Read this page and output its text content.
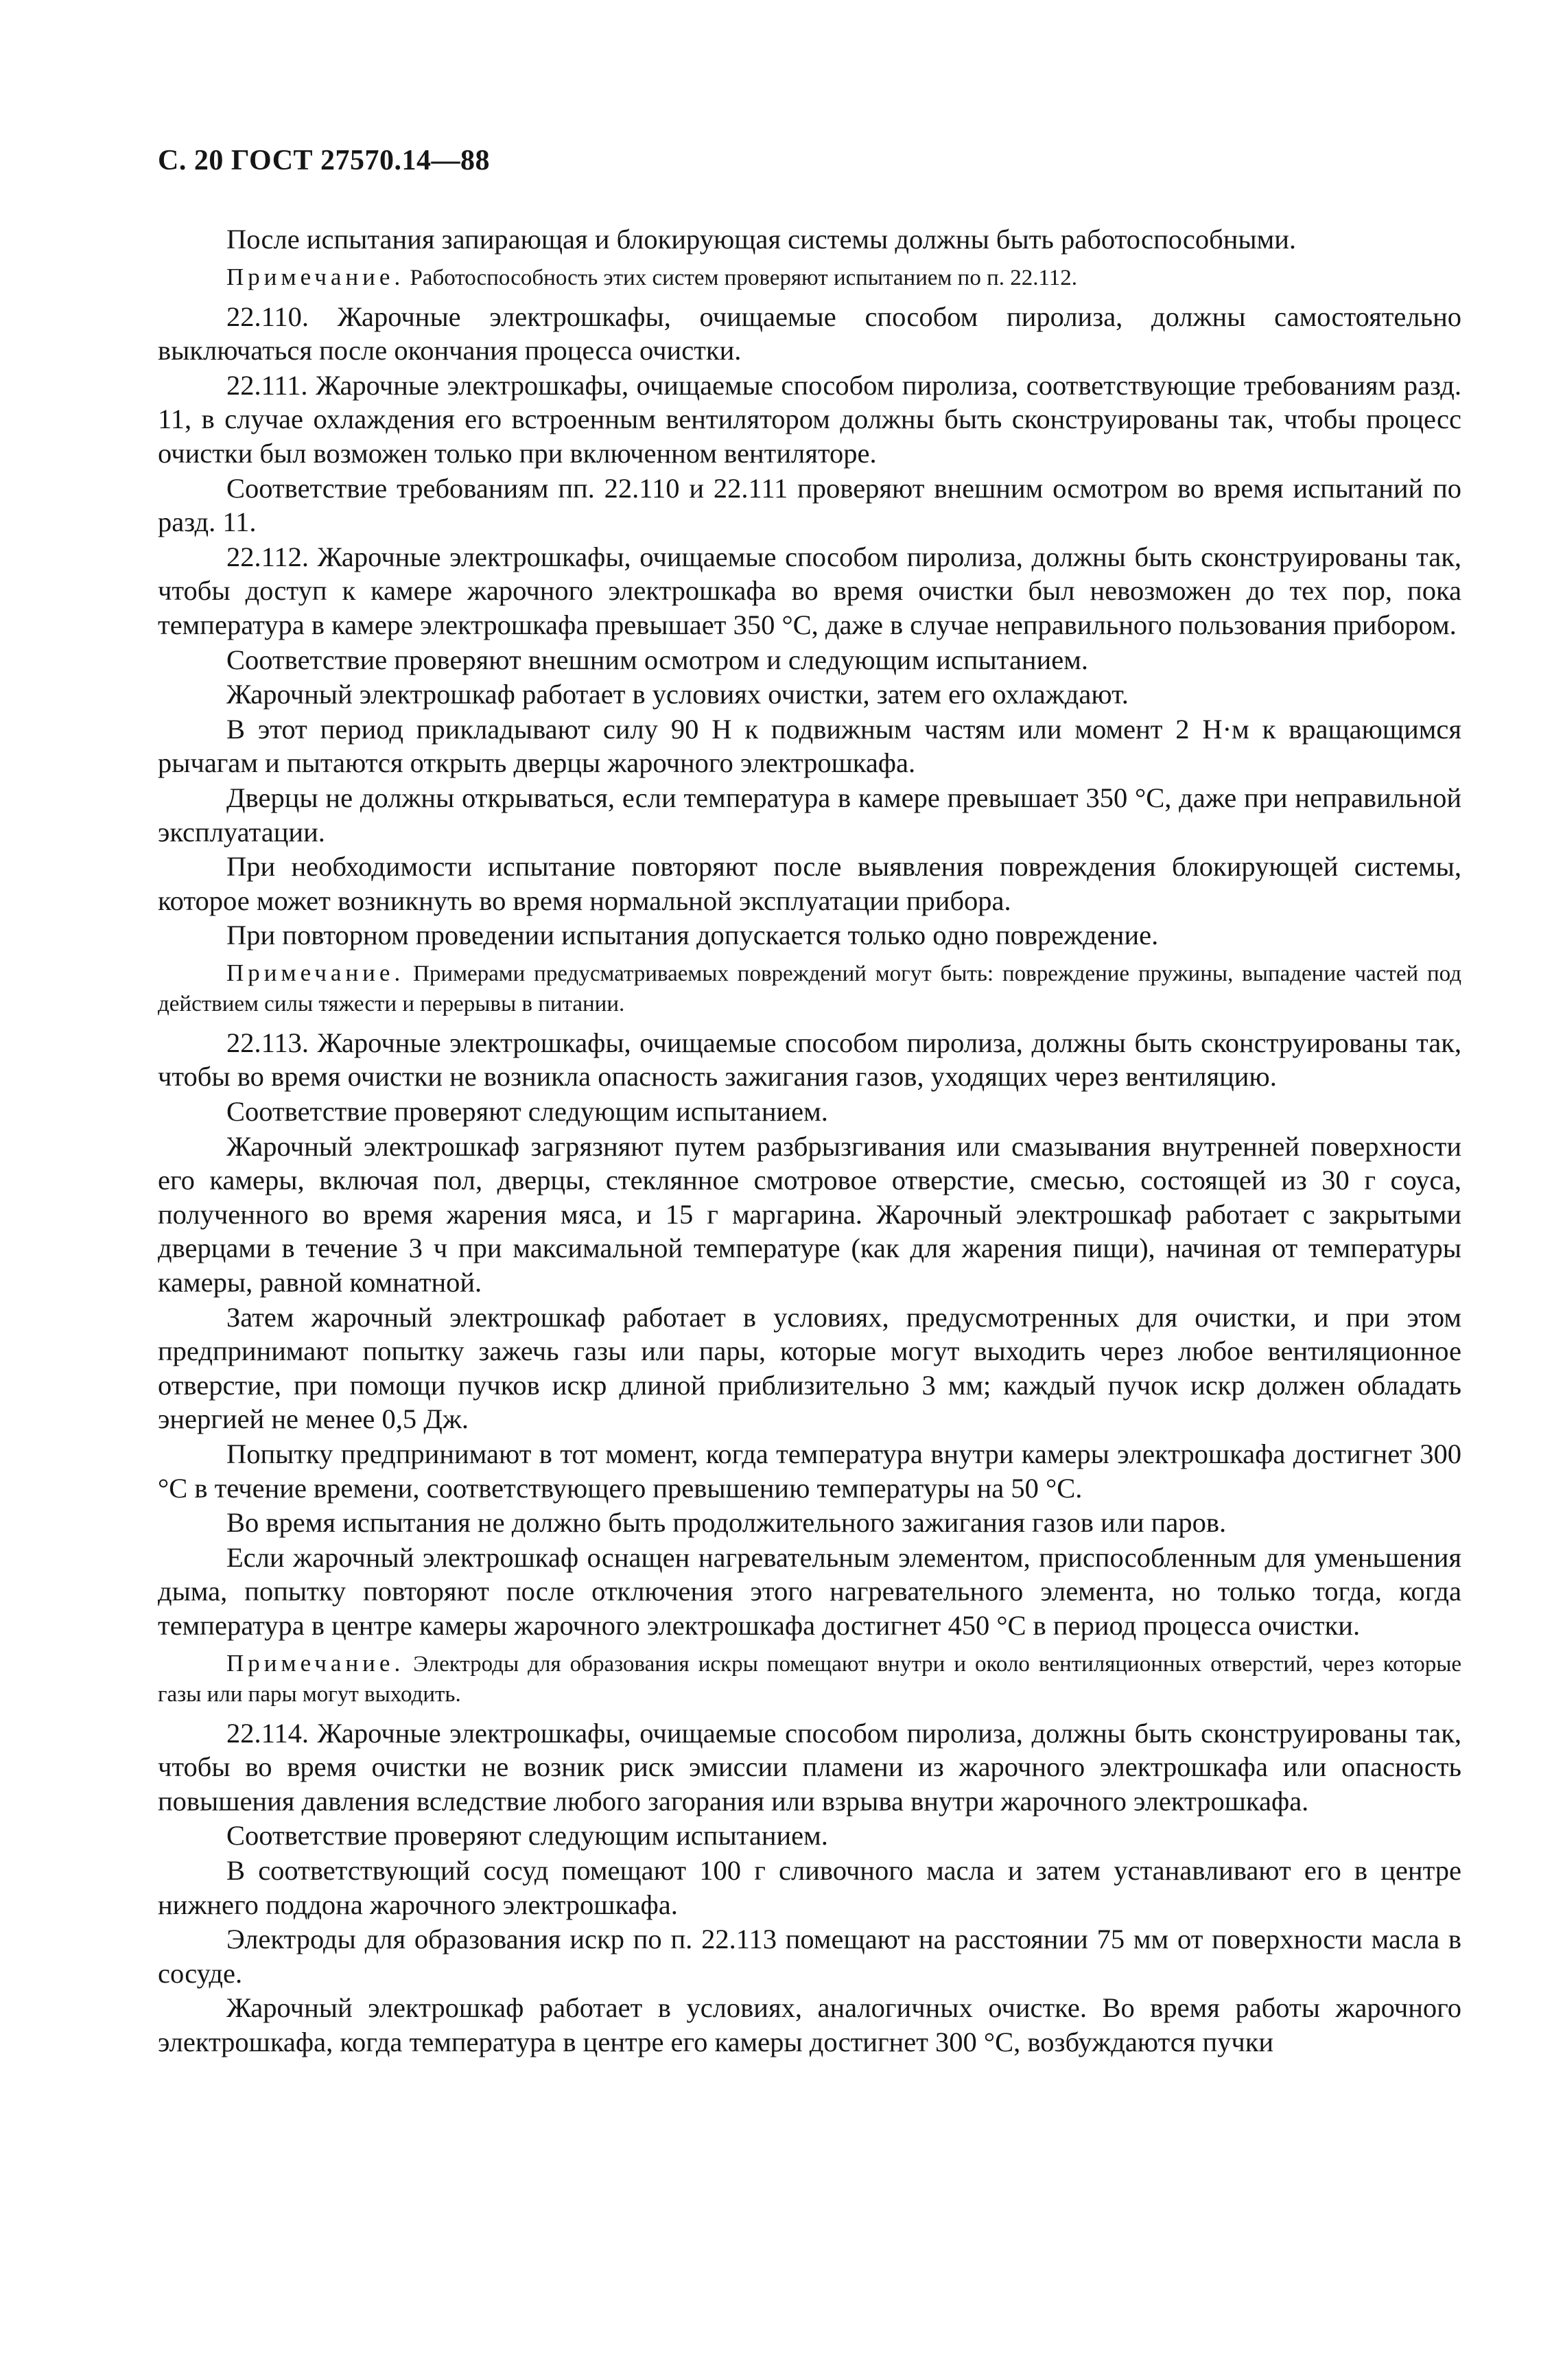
С. 20 ГОСТ 27570.14—88

После испытания запирающая и блокирующая системы должны быть работоспособными.

Примечание. Работоспособность этих систем проверяют испытанием по п. 22.112.

22.110. Жарочные электрошкафы, очищаемые способом пиролиза, должны самостоятельно выключаться после окончания процесса очистки.

22.111. Жарочные электрошкафы, очищаемые способом пиролиза, соответствующие требованиям разд. 11, в случае охлаждения его встроенным вентилятором должны быть сконструированы так, чтобы процесс очистки был возможен только при включенном вентиляторе.

Соответствие требованиям пп. 22.110 и 22.111 проверяют внешним осмотром во время испытаний по разд. 11.

22.112. Жарочные электрошкафы, очищаемые способом пиролиза, должны быть сконструированы так, чтобы доступ к камере жарочного электрошкафа во время очистки был невозможен до тех пор, пока температура в камере электрошкафа превышает 350 °С, даже в случае неправильного пользования прибором.

Соответствие проверяют внешним осмотром и следующим испытанием.

Жарочный электрошкаф работает в условиях очистки, затем его охлаждают.

В этот период прикладывают силу 90 Н к подвижным частям или момент 2 Н·м к вращающимся рычагам и пытаются открыть дверцы жарочного электрошкафа.

Дверцы не должны открываться, если температура в камере превышает 350 °С, даже при неправильной эксплуатации.

При необходимости испытание повторяют после выявления повреждения блокирующей системы, которое может возникнуть во время нормальной эксплуатации прибора.

При повторном проведении испытания допускается только одно повреждение.

Примечание. Примерами предусматриваемых повреждений могут быть: повреждение пружины, выпадение частей под действием силы тяжести и перерывы в питании.

22.113. Жарочные электрошкафы, очищаемые способом пиролиза, должны быть сконструированы так, чтобы во время очистки не возникла опасность зажигания газов, уходящих через вентиляцию.

Соответствие проверяют следующим испытанием.

Жарочный электрошкаф загрязняют путем разбрызгивания или смазывания внутренней поверхности его камеры, включая пол, дверцы, стеклянное смотровое отверстие, смесью, состоящей из 30 г соуса, полученного во время жарения мяса, и 15 г маргарина. Жарочный электрошкаф работает с закрытыми дверцами в течение 3 ч при максимальной температуре (как для жарения пищи), начиная от температуры камеры, равной комнатной.

Затем жарочный электрошкаф работает в условиях, предусмотренных для очистки, и при этом предпринимают попытку зажечь газы или пары, которые могут выходить через любое вентиляционное отверстие, при помощи пучков искр длиной приблизительно 3 мм; каждый пучок искр должен обладать энергией не менее 0,5 Дж.

Попытку предпринимают в тот момент, когда температура внутри камеры электрошкафа достигнет 300 °С в течение времени, соответствующего превышению температуры на 50 °С.

Во время испытания не должно быть продолжительного зажигания газов или паров.

Если жарочный электрошкаф оснащен нагревательным элементом, приспособленным для уменьшения дыма, попытку повторяют после отключения этого нагревательного элемента, но только тогда, когда температура в центре камеры жарочного электрошкафа достигнет 450 °С в период процесса очистки.

Примечание. Электроды для образования искры помещают внутри и около вентиляционных отверстий, через которые газы или пары могут выходить.

22.114. Жарочные электрошкафы, очищаемые способом пиролиза, должны быть сконструированы так, чтобы во время очистки не возник риск эмиссии пламени из жарочного электрошкафа или опасность повышения давления вследствие любого загорания или взрыва внутри жарочного электрошкафа.

Соответствие проверяют следующим испытанием.

В соответствующий сосуд помещают 100 г сливочного масла и затем устанавливают его в центре нижнего поддона жарочного электрошкафа.

Электроды для образования искр по п. 22.113 помещают на расстоянии 75 мм от поверхности масла в сосуде.

Жарочный электрошкаф работает в условиях, аналогичных очистке. Во время работы жарочного электрошкафа, когда температура в центре его камеры достигнет 300 °С, возбуждаются пучки
